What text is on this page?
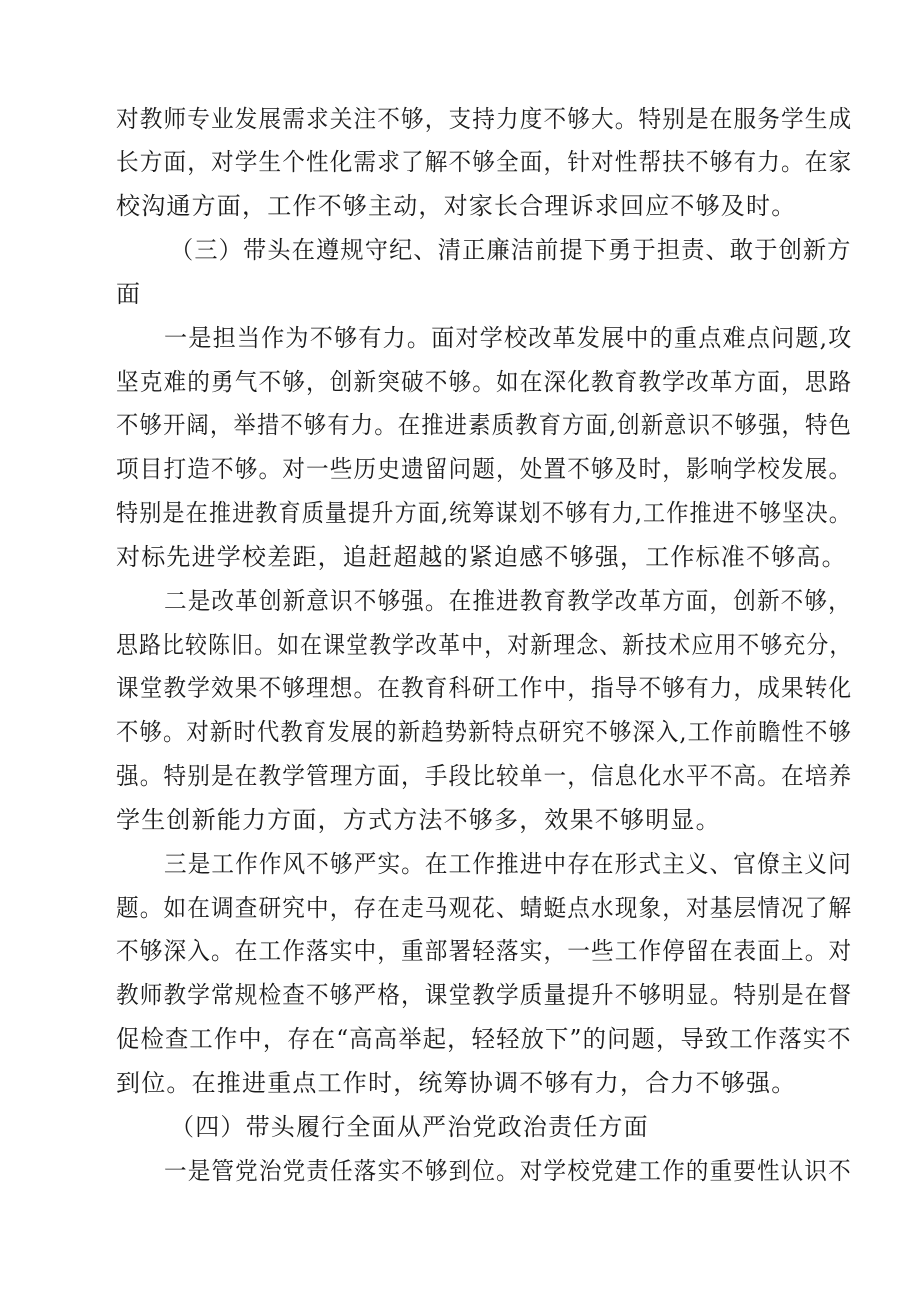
对教师专业发展需求关注不够，支持力度不够大。特别是在服务学生成
长方面，对学生个性化需求了解不够全面，针对性帮扶不够有力。在家
校沟通方面，工作不够主动，对家长合理诉求回应不够及时。
（三）带头在遵规守纪、清正廉洁前提下勇于担责、敢于创新方
面
一是担当作为不够有力。面对学校改革发展中的重点难点问题,攻
坚克难的勇气不够，创新突破不够。如在深化教育教学改革方面，思路
不够开阔，举措不够有力。在推进素质教育方面,创新意识不够强，特色
项目打造不够。对一些历史遗留问题，处置不够及时，影响学校发展。
特别是在推进教育质量提升方面,统筹谋划不够有力,工作推进不够坚决。
对标先进学校差距，追赶超越的紧迫感不够强，工作标准不够高。
二是改革创新意识不够强。在推进教育教学改革方面，创新不够，
思路比较陈旧。如在课堂教学改革中，对新理念、新技术应用不够充分，
课堂教学效果不够理想。在教育科研工作中，指导不够有力，成果转化
不够。对新时代教育发展的新趋势新特点研究不够深入,工作前瞻性不够
强。特别是在教学管理方面，手段比较单一，信息化水平不高。在培养
学生创新能力方面，方式方法不够多，效果不够明显。
三是工作作风不够严实。在工作推进中存在形式主义、官僚主义问
题。如在调查研究中，存在走马观花、蜻蜓点水现象，对基层情况了解
不够深入。在工作落实中，重部署轻落实，一些工作停留在表面上。对
教师教学常规检查不够严格，课堂教学质量提升不够明显。特别是在督
促检查工作中，存在“高高举起，轻轻放下”的问题，导致工作落实不
到位。在推进重点工作时，统筹协调不够有力，合力不够强。
（四）带头履行全面从严治党政治责任方面
一是管党治党责任落实不够到位。对学校党建工作的重要性认识不
